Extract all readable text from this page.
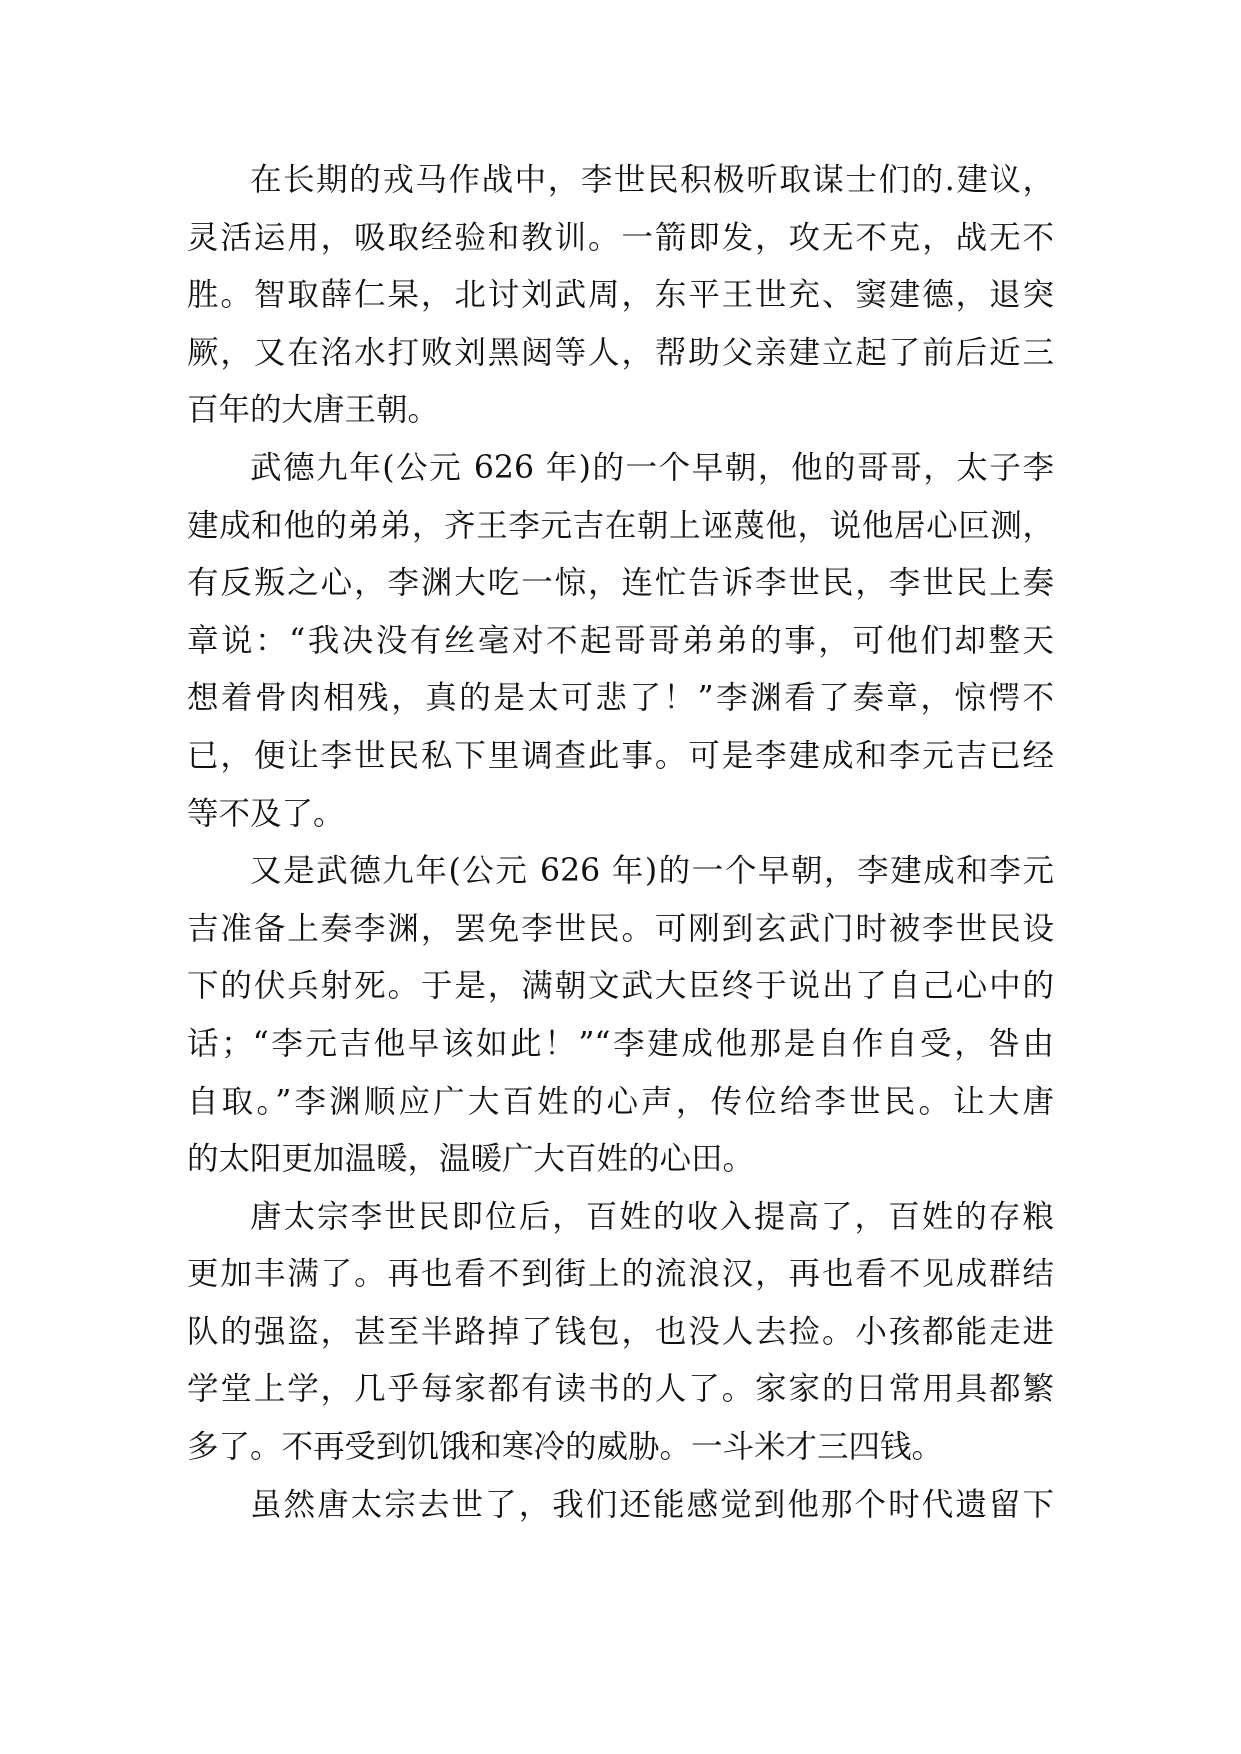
在长期的戎马作战中，李世民积极听取谋士们的.建议，
灵活运用，吸取经验和教训。一箭即发，攻无不克，战无不
胜。智取薛仁杲，北讨刘武周，东平王世充、窦建德，退突
厥，又在洺水打败刘黑闼等人，帮助父亲建立起了前后近三
百年的大唐王朝。
武德九年(公元 626 年)的一个早朝，他的哥哥，太子李
建成和他的弟弟，齐王李元吉在朝上诬蔑他，说他居心叵测，
有反叛之心，李渊大吃一惊，连忙告诉李世民，李世民上奏
章说：“我决没有丝毫对不起哥哥弟弟的事，可他们却整天
想着骨肉相残，真的是太可悲了！”李渊看了奏章，惊愕不
已，便让李世民私下里调查此事。可是李建成和李元吉已经
等不及了。
又是武德九年(公元 626 年)的一个早朝，李建成和李元
吉准备上奏李渊，罢免李世民。可刚到玄武门时被李世民设
下的伏兵射死。于是，满朝文武大臣终于说出了自己心中的
话；“李元吉他早该如此！”“李建成他那是自作自受，咎由
自取。”李渊顺应广大百姓的心声，传位给李世民。让大唐
的太阳更加温暖，温暖广大百姓的心田。
唐太宗李世民即位后，百姓的收入提高了，百姓的存粮
更加丰满了。再也看不到街上的流浪汉，再也看不见成群结
队的强盗，甚至半路掉了钱包，也没人去捡。小孩都能走进
学堂上学，几乎每家都有读书的人了。家家的日常用具都繁
多了。不再受到饥饿和寒冷的威胁。一斗米才三四钱。
虽然唐太宗去世了，我们还能感觉到他那个时代遗留下
